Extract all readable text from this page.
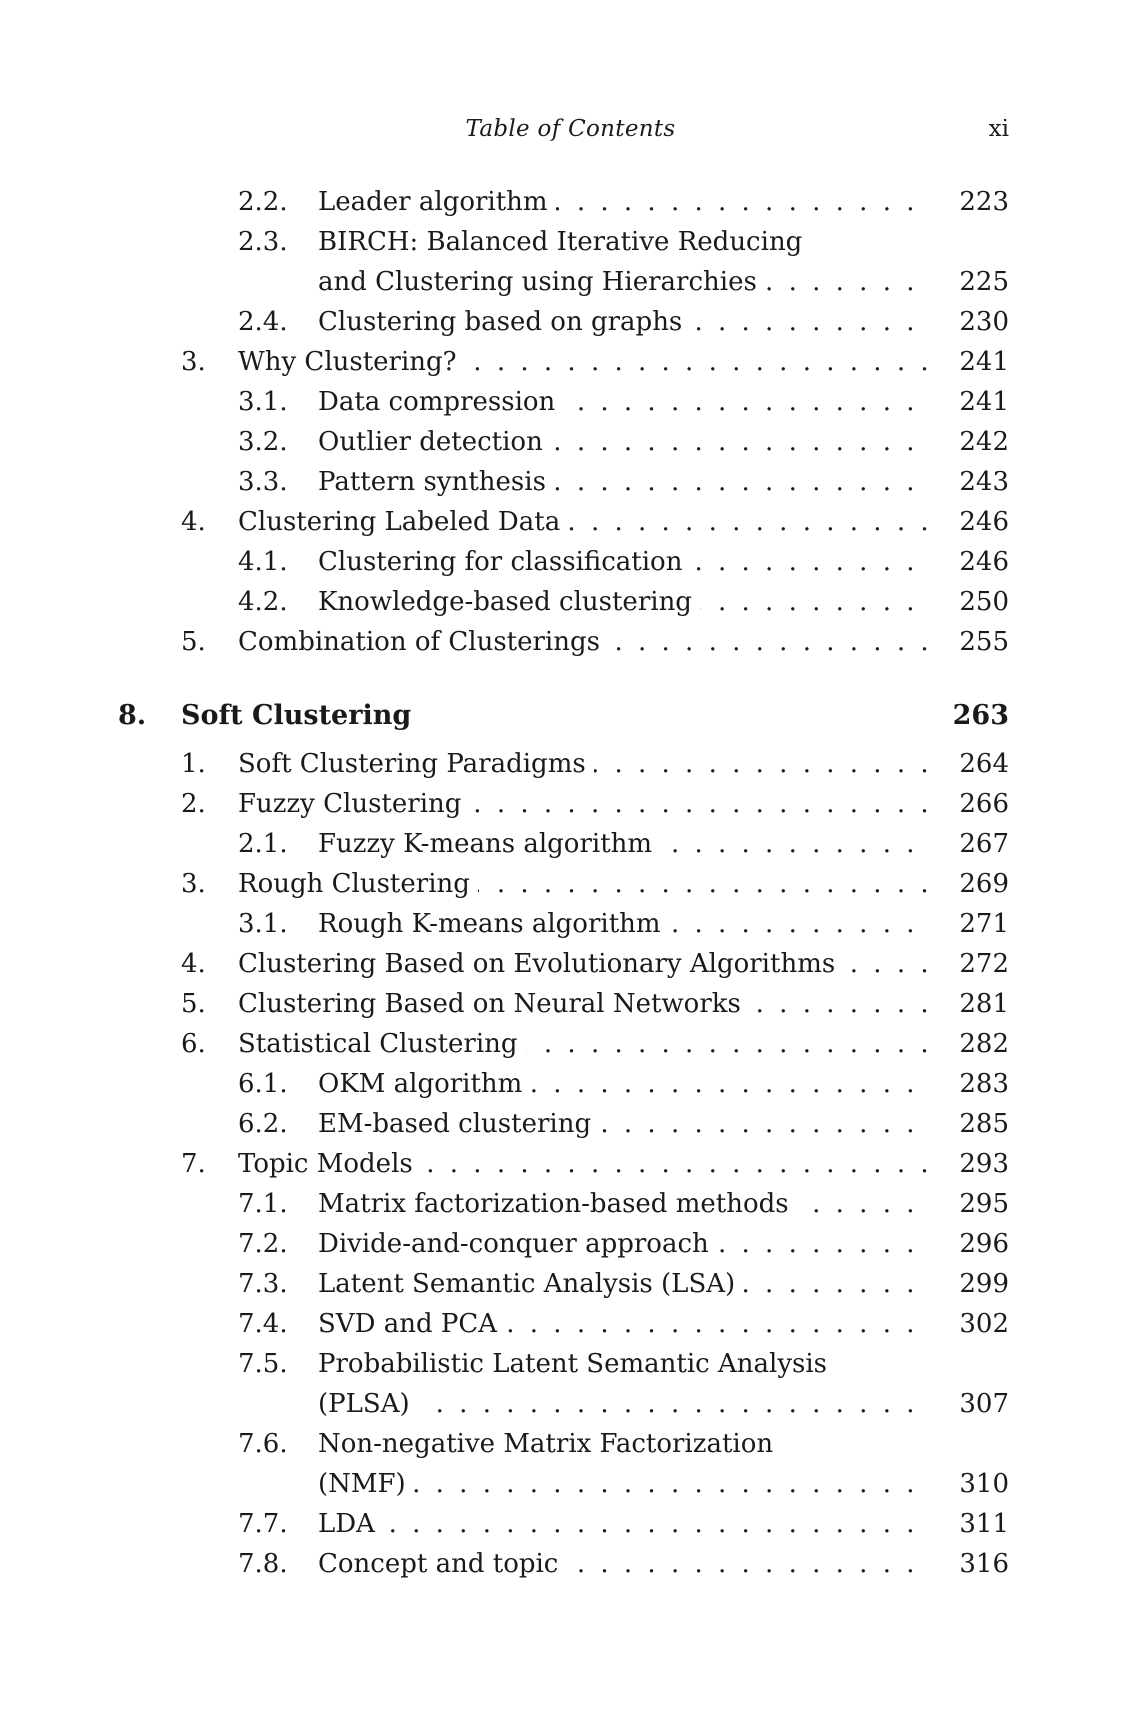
Table of Contents	xi
2.2. Leader algorithm . . .	223
2.3. BIRCH: Balanced Iterative Reducing
and Clustering using Hierarchies . . .	225
2.4. Clustering based on graphs . . .	230
3. Why Clustering? . . .	241
3.1. Data compression . . .	241
3.2. Outlier detection . . .	242
3.3. Pattern synthesis . . .	243
4. Clustering Labeled Data . . .	246
4.1. Clustering for classification . . .	246
4.2. Knowledge-based clustering . . .	250
5. Combination of Clusterings . . .	255
8. Soft Clustering	263
1. Soft Clustering Paradigms . . .	264
2. Fuzzy Clustering . . .	266
2.1. Fuzzy K-means algorithm . . .	267
3. Rough Clustering . . .	269
3.1. Rough K-means algorithm . . .	271
4. Clustering Based on Evolutionary Algorithms . . .	272
5. Clustering Based on Neural Networks . . .	281
6. Statistical Clustering . . .	282
6.1. OKM algorithm . . .	283
6.2. EM-based clustering . . .	285
7. Topic Models . . .	293
7.1. Matrix factorization-based methods . . .	295
7.2. Divide-and-conquer approach . . .	296
7.3. Latent Semantic Analysis (LSA) . . .	299
7.4. SVD and PCA . . .	302
7.5. Probabilistic Latent Semantic Analysis
(PLSA) . . .	307
7.6. Non-negative Matrix Factorization
(NMF) . . .	310
7.7. LDA . . .	311
7.8. Concept and topic . . .	316
